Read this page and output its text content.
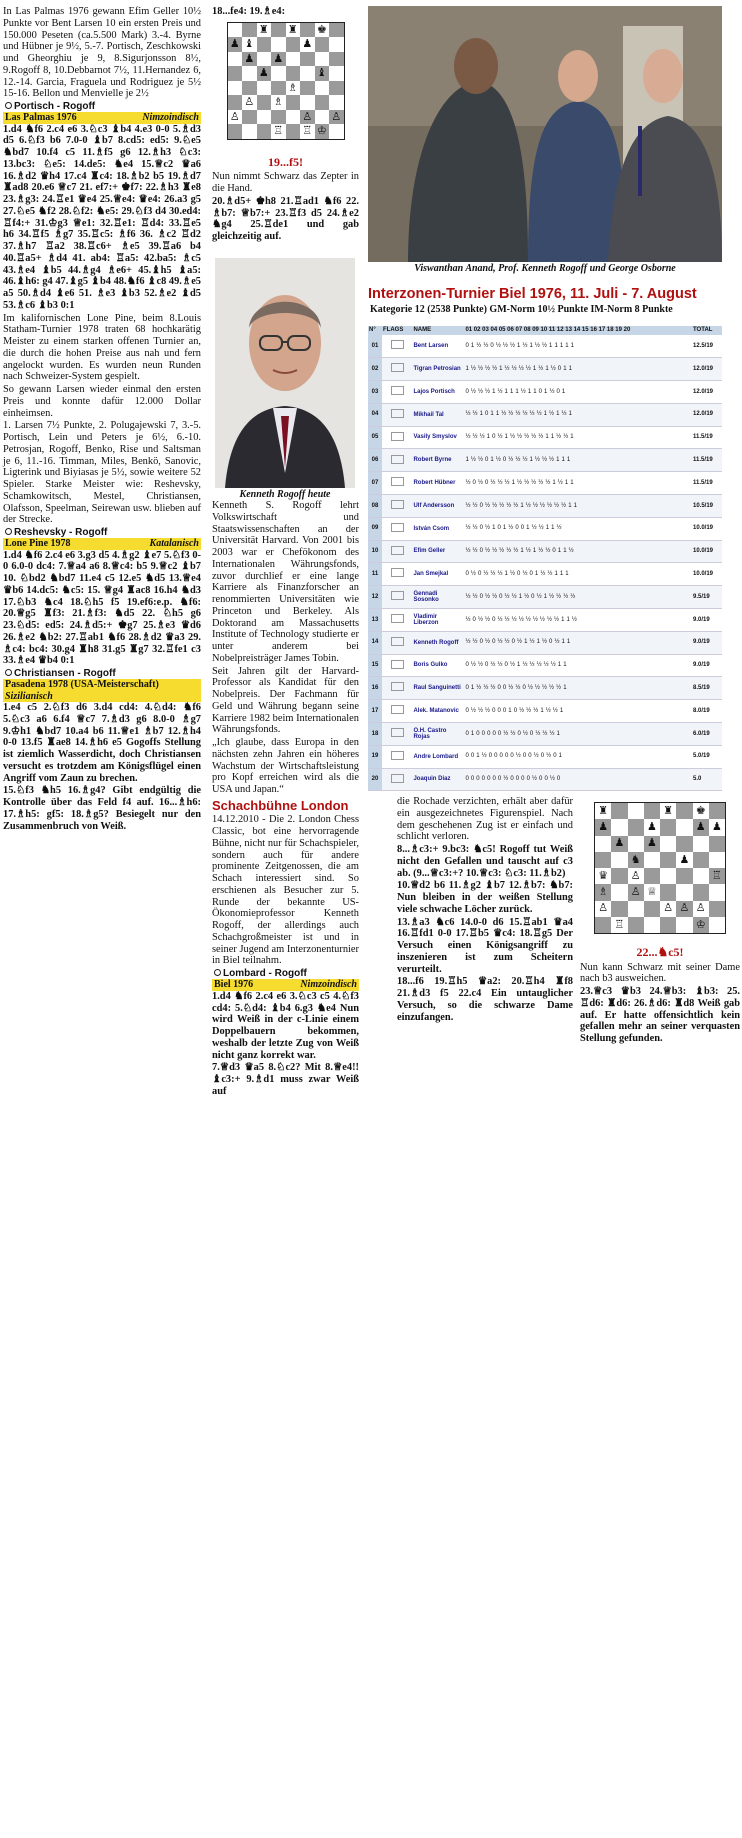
In Las Palmas 1976 gewann Efim Geller 10½ Punkte vor Bent Larsen 10 ein ersten Preis und 150.000 Peseten (ca.5.500 Mark) 3.-4. Byrne und Hübner je 9½, 5.-7. Portisch, Zeschkowski und Gheorghiu je 9, 8.Sigurjonsson 8½, 9.Rogoff 8, 10.Debbarnot 7½, 11.Hernandez 6, 12.-14. Garcia, Fraguela und Rodriguez je 5½ 15-16. Bellon und Menvielle je 2½

Portisch - Rogoff
Las Palmas 1976	Nimzoindisch

1.d4 ♞f6 2.c4 e6 3.♘c3 ♝b4 4.e3 0-0 5.♗d3 d5 6.♘f3 b6 7.0-0 ♝b7 8.cd5: ed5: 9.♘e5 ♞bd7 10.f4 c5 11.♗f5 g6 12.♗h3 ♘c3: 13.bc3: ♘e5: 14.de5: ♞e4 15.♕c2 ♛a6 16.♗d2 ♛h4 17.c4 ♜c4: 18.♗b2 b5 19.♗d7 ♜ad8 20.e6 ♕c7 21. ef7:+ ♚f7: 22.♗h3 ♜e8 23.♗g3: 24.♖e1 ♛e4 25.♕e4: ♛e4: 26.a3 g5 27.♘e5 ♞f2 28.♘f2: ♞e5: 29.♘f3 d4 30.ed4: ♖f4:+ 31.♔g3 ♕e1: 32.♖e1: ♖d4: 33.♖e5 h6 34.♖f5 ♗g7 35.♖c5: ♗f6 36. ♗c2 ♖d2 37.♗h7 ♖a2 38.♖c6+ ♗e5 39.♖a6 b4 40.♖a5+ ♗d4 41. ab4: ♖a5: 42.ba5: ♗c5 43.♗e4 ♝b5 44.♗g4 ♗e6+ 45.♝h5 ♝a5: 46.♝h6: g4 47.♝g5 ♝b4 48.♞f6 ♝c8 49.♗e5 a5 50.♗d4 ♝e6 51. ♗e3 ♝b3 52.♗e2 ♝d5 53.♗c6 ♝b3 0:1

Im kalifornischen Lone Pine, beim 8.Louis Statham-Turnier 1978 traten 68 hochkarätig Meister zu einem starken offenen Turnier an, die durch die hohen Preise aus nah und fern angelockt wurden. Es wurden neun Runden nach Schweizer-System gespielt.

So gewann Larsen wieder einmal den ersten Preis und konnte dafür 12.000 Dollar einheimsen.

1. Larsen 7½ Punkte, 2. Polugajewski 7, 3.-5. Portisch, Lein und Peters je 6½, 6.-10. Petrosjan, Rogoff, Benko, Rise und Saltsman je 6, 11.-16. Timman, Miles, Benkö, Sanovic, Ligterink und Biyiasas je 5½, sowie weitere 52 Spieler. Starke Meister wie: Reshevsky, Schamkowitsch, Mestel, Christiansen, Olafsson, Speelman, Seirewan usw. blieben auf der Strecke.

Reshevsky - Rogoff
Lone Pine 1978	Katalanisch

1.d4 ♞f6 2.c4 e6 3.g3 d5 4.♗g2 ♝e7 5.♘f3 0-0 6.0-0 dc4: 7.♕a4 a6 8.♕c4: b5 9.♕c2 ♝b7 10. ♘bd2 ♞bd7 11.e4 c5 12.e5 ♞d5 13.♕e4 ♛b6 14.dc5: ♞c5: 15. ♕g4 ♜ac8 16.h4 ♞d3 17.♘b3 ♞c4 18.♘h5 f5 19.ef6:e.p. ♞f6: 20.♕g5 ♜f3: 21.♗f3: ♞d5 22. ♘h5 g6 23.♘d5: ed5: 24.♗d5:+ ♚g7 25.♗e3 ♛d6 26.♗e2 ♞b2: 27.♖ab1 ♞f6 28.♗d2 ♛a3 29. ♗c4: bc4: 30.g4 ♜h8 31.g5 ♜g7 32.♖fe1 c3 33.♗e4 ♛b4 0:1

Christiansen - Rogoff
Pasadena 1978 (USA-Meisterschaft)
Sizilianisch

1.e4 c5 2.♘f3 d6 3.d4 cd4: 4.♘d4: ♞f6 5.♘c3 a6 6.f4 ♕c7 7.♗d3 g6 8.0-0 ♗g7 9.♔h1 ♞bd7 10.a4 b6 11.♕e1 ♗b7 12.♗h4 0-0 13.f5 ♜ae8 14.♗h6 e5 Gogoffs Stellung ist ziemlich Wasserdicht, doch Christiansen versucht es trotzdem am Königsflügel einen Angriff vom Zaun zu brechen.

15.♘f3 ♞h5 16.♗g4? Gibt endgültig die Kontrolle über das Feld f4 auf. 16...♗h6: 17.♗h5: gf5: 18.♗g5? Besiegelt nur den Zusammenbruch von Weiß.

18...fe4: 19.♗e4:

♜ ♜ ♚
♟ ♝	♟
♟ ♟
♟	♝
♗
♙ ♗
♙	♙ ♙
♖ ♖ ♔
19...f5!

Nun nimmt Schwarz das Zepter in die Hand.

20.♗d5+ ♚h8 21.♖ad1 ♞f6 22. ♗b7: ♕b7:+ 23.♖f3 d5 24.♗e2 ♞g4 25.♖de1 und gab gleichzeitig auf.

Kenneth Rogoff heute

Kenneth S. Rogoff lehrt Volkswirtschaft und Staatswissenschaften an der Universität Harvard. Von 2001 bis 2003 war er Chefökonom des Internationalen Währungsfonds, zuvor durchlief er eine lange Karriere als Finanzforscher an renommierten Universitäten wie Princeton und Berkeley. Als Doktorand am Massachusetts Institute of Technology studierte er unter anderem bei Nobelpreisträger James Tobin.

Seit Jahren gilt der Harvard-Professor als Kandidat für den Nobelpreis. Der Fachmann für Geld und Währung begann seine Karriere 1982 beim Internationalen Währungsfonds.

„Ich glaube, dass Europa in den nächsten zehn Jahren ein höheres Wachstum der Wirtschaftsleistung pro Kopf erreichen wird als die USA und Japan.“

Schachbühne London

14.12.2010 - Die 2. London Chess Classic, bot eine hervorragende Bühne, nicht nur für Schachspieler, sondern auch für andere prominente Zeitgenossen, die am Schach interessiert sind. So erschienen als Besucher zur 5. Runde der bekannte US-Ökonomieprofessor Kenneth Rogoff, der allerdings auch Schachgroßmeister ist und in seiner Jugend am Interzonenturnier in Biel teilnahm.

Lombard - Rogoff
Biel 1976	Nimzoindisch

1.d4 ♞f6 2.c4 e6 3.♘c3 c5 4.♘f3 cd4: 5.♘d4: ♝b4 6.g3 ♞e4 Nun wird Weiß in der c-Linie einem Doppelbauern bekommen, weshalb der letzte Zug von Weiß nicht ganz korrekt war.

7.♕d3 ♛a5 8.♘c2? Mit 8.♕e4!! ♝c3:+ 9.♗d1 muss zwar Weiß auf

Viswanthan Anand, Prof. Kenneth Rogoff und George Osborne
Interzonen-Turnier Biel 1976, 11. Juli - 7. August
Kategorie 12 (2538 Punkte) GM-Norm 10½ Punkte IM-Norm 8 Punkte
N°	FLAGS	NAME	01 02 03 04 05 06 07 08 09 10 11 12 13 14 15 16 17 18 19 20	TOTAL
01		Bent Larsen	0 1 ½ ½ 0 ½ ½ ½ 1 ½ 1 ½ ½ 1 1 1 1 1	12.5/19
02		Tigran Petrosian	1 ½ ½ ½ ½ 1 ½ ½ ½ ½ 1 ½ 1 ½ 0 1 1	12.0/19
03		Lajos Portisch	0 ½ ½ ½ 1 ½ 1 1 1 ½ 1 1 0 1 ½ 0 1	12.0/19
04		Mikhail Tal	½ ½ 1 0 1 1 ½ ½ ½ ½ ½ ½ 1 ½ 1 ½ 1	12.0/19
05		Vasily Smyslov	½ ½ ½ 1 0 ½ 1 ½ ½ ½ ½ ½ 1 1 ½ ½ 1	11.5/19
06		Robert Byrne	1 ½ ½ 0 1 ½ 0 ½ ½ ½ 1 ½ ½ ½ 1 1 1	11.5/19
07		Robert Hübner	½ 0 ½ 0 ½ ½ ½ 1 ½ ½ ½ ½ ½ 1 ½ 1 1	11.5/19
08		Ulf Andersson	½ ½ 0 ½ ½ ½ ½ ½ 1 ½ ½ ½ ½ ½ ½ 1 1	10.5/19
09		István Csom	½ ½ 0 ½ 1 0 1 ½ 0 0 1 ½ ½ 1 1 ½	10.0/19
10		Efim Geller	½ ½ 0 ½ ½ ½ ½ ½ 1 ½ 1 ½ ½ 0 1 1 ½	10.0/19
11		Jan Smejkal	0 ½ 0 ½ ½ ½ 1 ½ 0 ½ 0 1 ½ ½ 1 1 1	10.0/19
12		Gennadi Sosonko	½ ½ 0 ½ ½ 0 ½ ½ 1 ½ 0 ½ 1 ½ ½ ½ ½	9.5/19
13		Vladimir Liberzon	½ 0 ½ ½ 0 ½ ½ ½ ½ ½ ½ ½ ½ ½ 1 1 ½	9.0/19
14		Kenneth Rogoff	½ ½ 0 ½ 0 ½ ½ 0 ½ 1 ½ 1 ½ 0 ½ 1 1	9.0/19
15		Boris Gulko	0 ½ ½ 0 ½ ½ 0 ½ 1 ½ ½ ½ ½ ½ 1 1	9.0/19
16		Raul Sanguinetti	0 1 ½ ½ ½ 0 0 ½ ½ 0 ½ ½ ½ ½ ½ 1	8.5/19
17		Alek. Matanovic	0 ½ ½ ½ 0 0 0 1 0 ½ ½ ½ 1 ½ ½ 1	8.0/19
18		O.H. Castro Rojas	0 1 0 0 0 0 0 ½ ½ 0 ½ 0 ½ ½ ½ 1	6.0/19
19		Andre Lombard	0 0 1 ½ 0 0 0 0 0 ½ 0 0 ½ 0 ½ 0 1	5.0/19
20		Joaquin Diaz	0 0 0 0 0 0 0 ½ 0 0 0 0 ½ 0 0 ½ 0	5.0

die Rochade verzichten, erhält aber dafür ein ausgezeichnetes Figurenspiel. Nach dem geschehenen Zug ist er einfach und schlicht verloren.

8...♗c3:+ 9.bc3: ♞c5! Rogoff tut Weiß nicht den Gefallen und tauscht auf c3 ab. (9...♕c3:+? 10.♕c3: ♘c3: 11.♗b2)

10.♕d2 b6 11.♗g2 ♝b7 12.♗b7: ♞b7: Nun bleiben in der weißen Stellung viele schwache Löcher zurück.

13.♗a3 ♞c6 14.0-0 d6 15.♖ab1 ♛a4 16.♖fd1 0-0 17.♖b5 ♛c4: 18.♖g5 Der Versuch einen Königsangriff zu inszenieren ist zum Scheitern verurteilt.

18...f6 19.♖h5 ♛a2: 20.♖h4 ♜f8 21.♗d3 f5 22.c4 Ein untauglicher Versuch, so die schwarze Dame einzufangen.

♜	♜ ♚
♟	♟	♟ ♟
♟ ♟
♞	♟
♛ ♙	♖
♗ ♙ ♕
♙	♙ ♙ ♙
♖	♔
22...♞c5!

Nun kann Schwarz mit seiner Dame nach b3 ausweichen.

23.♕c3 ♛b3 24.♕b3: ♝b3: 25. ♖d6: ♜d6: 26.♗d6: ♜d8 Weiß gab auf. Er hatte offensichtlich kein gefallen mehr an seiner verquasten Stellung gefunden.
